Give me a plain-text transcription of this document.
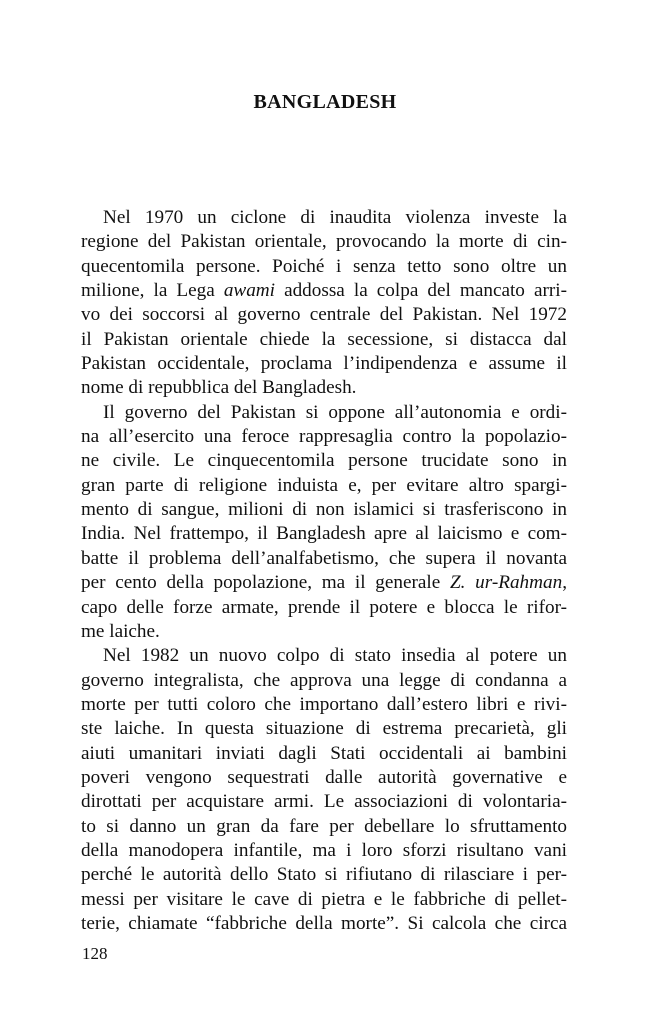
BANGLADESH
Nel 1970 un ciclone di inaudita violenza investe la
regione del Pakistan orientale, provocando la morte di cin-
quecentomila persone. Poiché i senza tetto sono oltre un
milione, la Lega awami addossa la colpa del mancato arri-
vo dei soccorsi al governo centrale del Pakistan. Nel 1972
il Pakistan orientale chiede la secessione, si distacca dal
Pakistan occidentale, proclama l’indipendenza e assume il
nome di repubblica del Bangladesh.
Il governo del Pakistan si oppone all’autonomia e ordi-
na all’esercito una feroce rappresaglia contro la popolazio-
ne civile. Le cinquecentomila persone trucidate sono in
gran parte di religione induista e, per evitare altro spargi-
mento di sangue, milioni di non islamici si trasferiscono in
India. Nel frattempo, il Bangladesh apre al laicismo e com-
batte il problema dell’analfabetismo, che supera il novanta
per cento della popolazione, ma il generale Z. ur-Rahman,
capo delle forze armate, prende il potere e blocca le rifor-
me laiche.
Nel 1982 un nuovo colpo di stato insedia al potere un
governo integralista, che approva una legge di condanna a
morte per tutti coloro che importano dall’estero libri e rivi-
ste laiche. In questa situazione di estrema precarietà, gli
aiuti umanitari inviati dagli Stati occidentali ai bambini
poveri vengono sequestrati dalle autorità governative e
dirottati per acquistare armi. Le associazioni di volontaria-
to si danno un gran da fare per debellare lo sfruttamento
della manodopera infantile, ma i loro sforzi risultano vani
perché le autorità dello Stato si rifiutano di rilasciare i per-
messi per visitare le cave di pietra e le fabbriche di pellet-
terie, chiamate “fabbriche della morte”. Si calcola che circa

128
